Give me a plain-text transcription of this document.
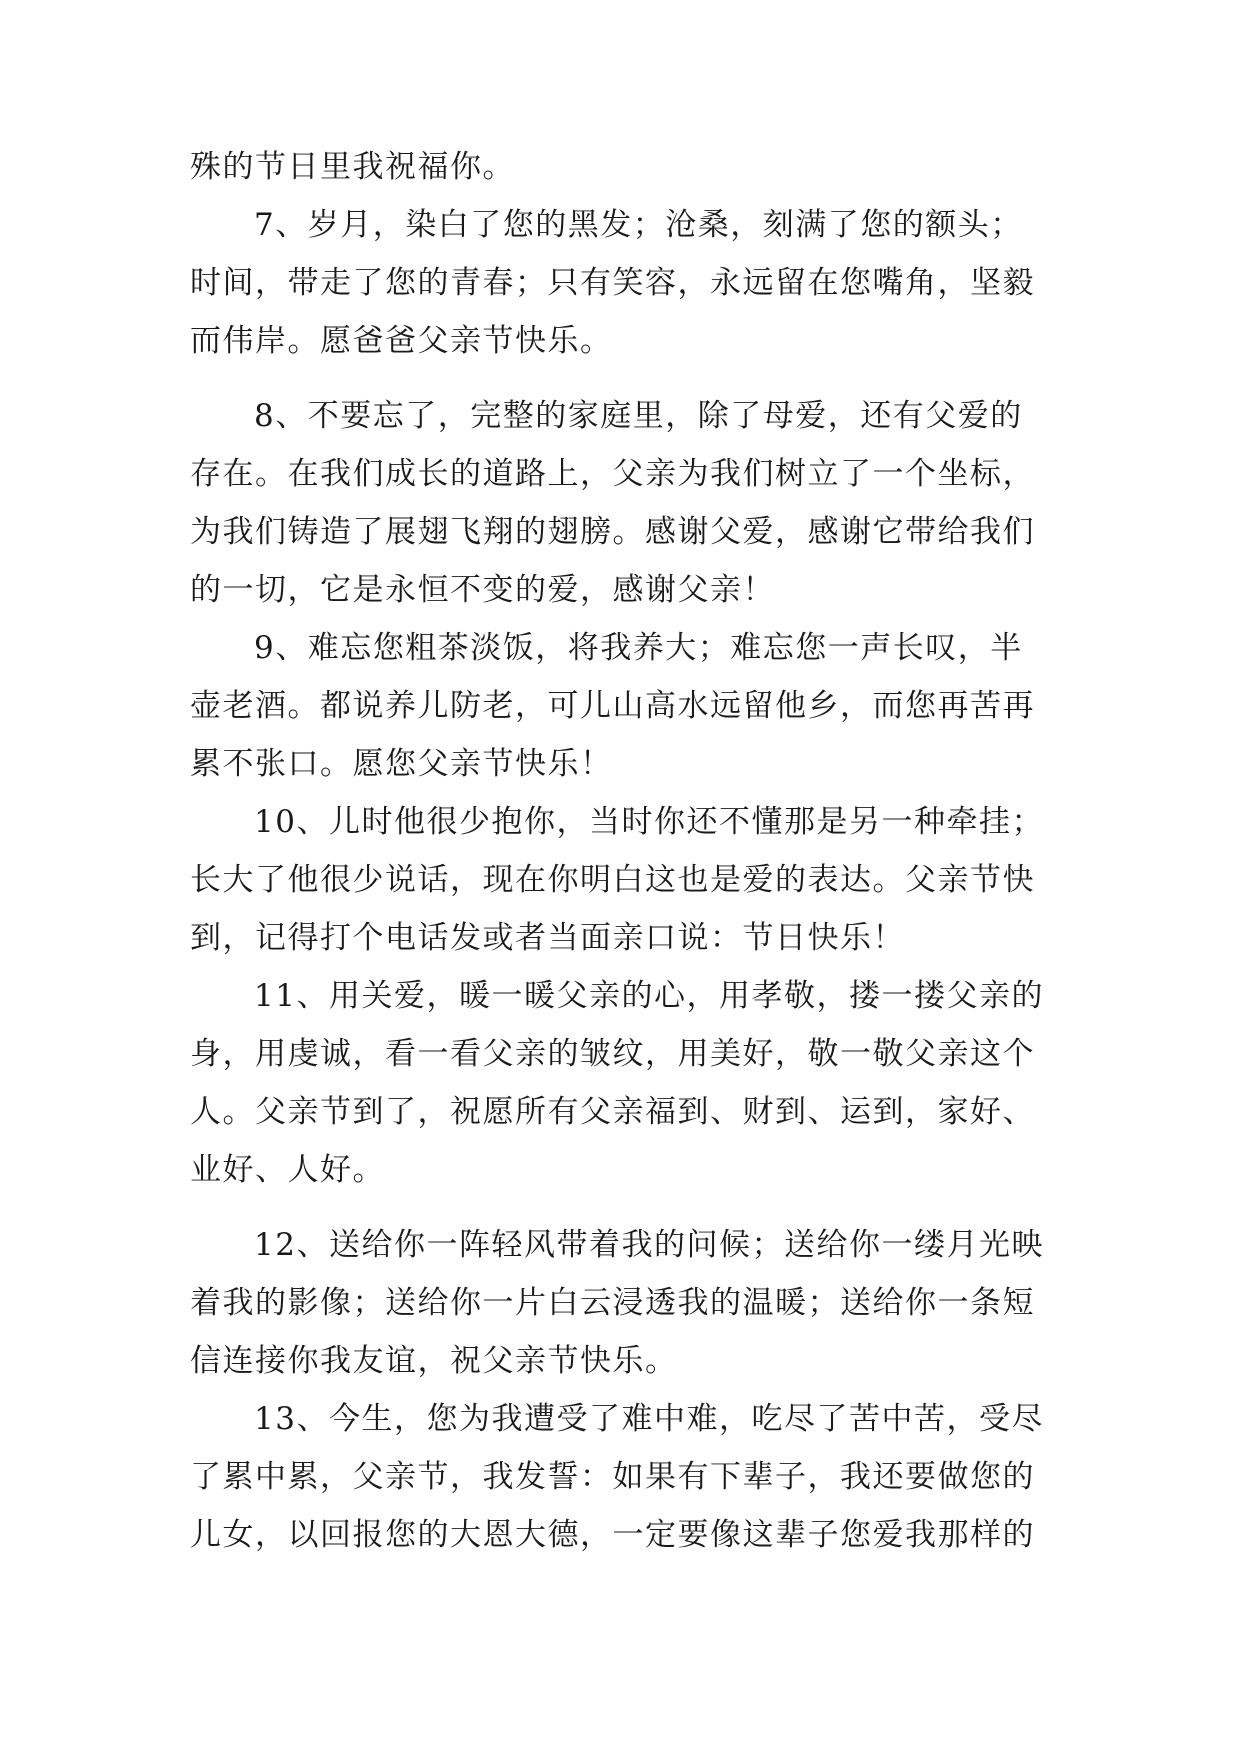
殊的节日里我祝福你。
7、岁月，染白了您的黑发；沧桑，刻满了您的额头；
时间，带走了您的青春；只有笑容，永远留在您嘴角，坚毅
而伟岸。愿爸爸父亲节快乐。
8、不要忘了，完整的家庭里，除了母爱，还有父爱的
存在。在我们成长的道路上，父亲为我们树立了一个坐标，
为我们铸造了展翅飞翔的翅膀。感谢父爱，感谢它带给我们
的一切，它是永恒不变的爱，感谢父亲！
9、难忘您粗茶淡饭，将我养大；难忘您一声长叹，半
壶老酒。都说养儿防老，可儿山高水远留他乡，而您再苦再
累不张口。愿您父亲节快乐！
10、儿时他很少抱你，当时你还不懂那是另一种牵挂；
长大了他很少说话，现在你明白这也是爱的表达。父亲节快
到，记得打个电话发或者当面亲口说：节日快乐！
11、用关爱，暖一暖父亲的心，用孝敬，搂一搂父亲的
身，用虔诚，看一看父亲的皱纹，用美好，敬一敬父亲这个
人。父亲节到了，祝愿所有父亲福到、财到、运到，家好、
业好、人好。
12、送给你一阵轻风带着我的问候；送给你一缕月光映
着我的影像；送给你一片白云浸透我的温暖；送给你一条短
信连接你我友谊，祝父亲节快乐。
13、今生，您为我遭受了难中难，吃尽了苦中苦，受尽
了累中累，父亲节，我发誓：如果有下辈子，我还要做您的
儿女，以回报您的大恩大德，一定要像这辈子您爱我那样的
